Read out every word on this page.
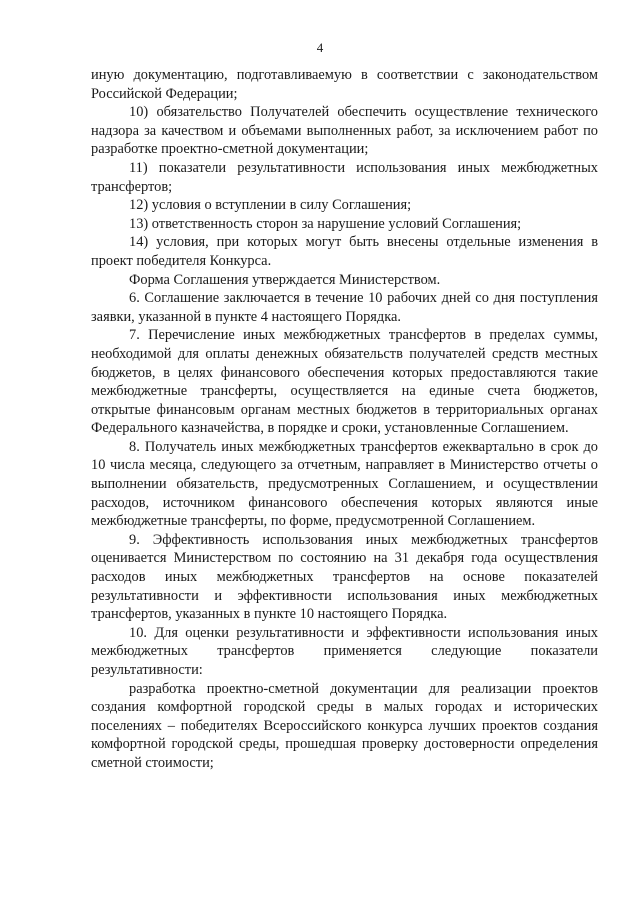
4

иную документацию, подготавливаемую в соответствии с законодательством Российской Федерации;

10) обязательство Получателей обеспечить осуществление технического надзора за качеством и объемами выполненных работ, за исключением работ по разработке проектно-сметной документации;

11) показатели результативности использования иных межбюджетных трансфертов;

12) условия о вступлении в силу Соглашения;

13) ответственность сторон за нарушение условий Соглашения;

14) условия, при которых могут быть внесены отдельные изменения в проект победителя Конкурса.

Форма Соглашения утверждается Министерством.

6. Соглашение заключается в течение 10 рабочих дней со дня поступления заявки, указанной в пункте 4 настоящего Порядка.

7. Перечисление иных межбюджетных трансфертов в пределах суммы, необходимой для оплаты денежных обязательств получателей средств местных бюджетов, в целях финансового обеспечения которых предоставляются такие межбюджетные трансферты, осуществляется на единые счета бюджетов, открытые финансовым органам местных бюджетов в территориальных органах Федерального казначейства, в порядке и сроки, установленные Соглашением.

8. Получатель иных межбюджетных трансфертов ежеквартально в срок до 10 числа месяца, следующего за отчетным, направляет в Министерство отчеты о выполнении обязательств, предусмотренных Соглашением, и осуществлении расходов, источником финансового обеспечения которых являются иные межбюджетные трансферты, по форме, предусмотренной Соглашением.

9. Эффективность использования иных межбюджетных трансфертов оценивается Министерством по состоянию на 31 декабря года осуществления расходов иных межбюджетных трансфертов на основе показателей результативности и эффективности использования иных межбюджетных трансфертов, указанных в пункте 10 настоящего Порядка.

10. Для оценки результативности и эффективности использования иных межбюджетных трансфертов применяется следующие показатели результативности:

разработка проектно-сметной документации для реализации проектов создания комфортной городской среды в малых городах и исторических поселениях – победителях Всероссийского конкурса лучших проектов создания комфортной городской среды, прошедшая проверку достоверности определения сметной стоимости;
